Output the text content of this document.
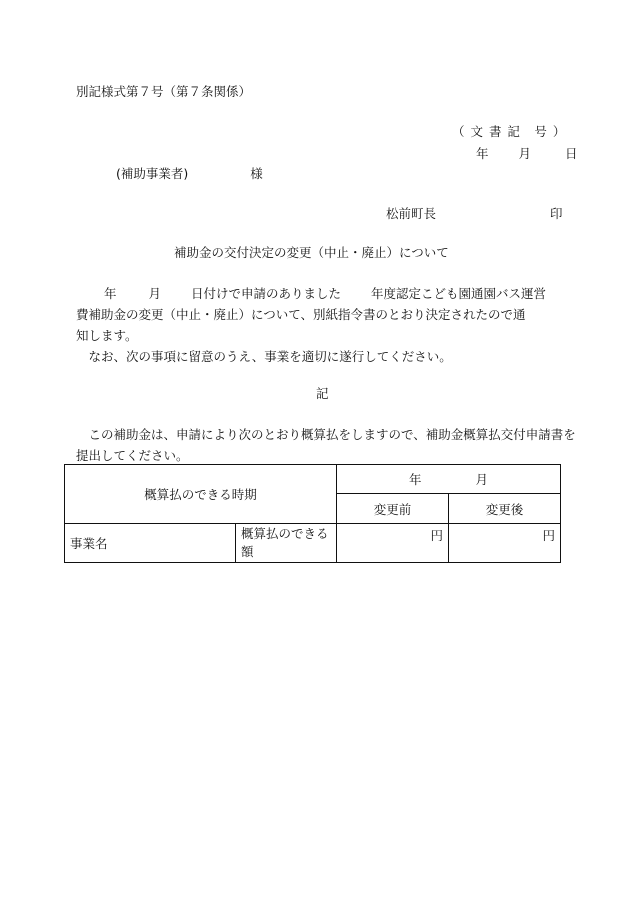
別記様式第７号（第７条関係）
（ 文 書 記　号 ）
年 月	日
(補助事業者)	様
松前町長	印
補助金の交付決定の変更（中止・廃止）について

年	月 日付けで申請のありました 年度認定こども園通園バス運営

費補助金の変更（中止・廃止）について、別紙指令書のとおり決定されたので通

知します。

なお、次の事項に留意のうえ、事業を適切に遂行してください。

記
この補助金は、申請により次のとおり概算払をしますので、補助金概算払交付申請書を提出してください。
概算払のできる時期		年 月	
		変更前	変更後
事業名	概算払のできる額	円	円
